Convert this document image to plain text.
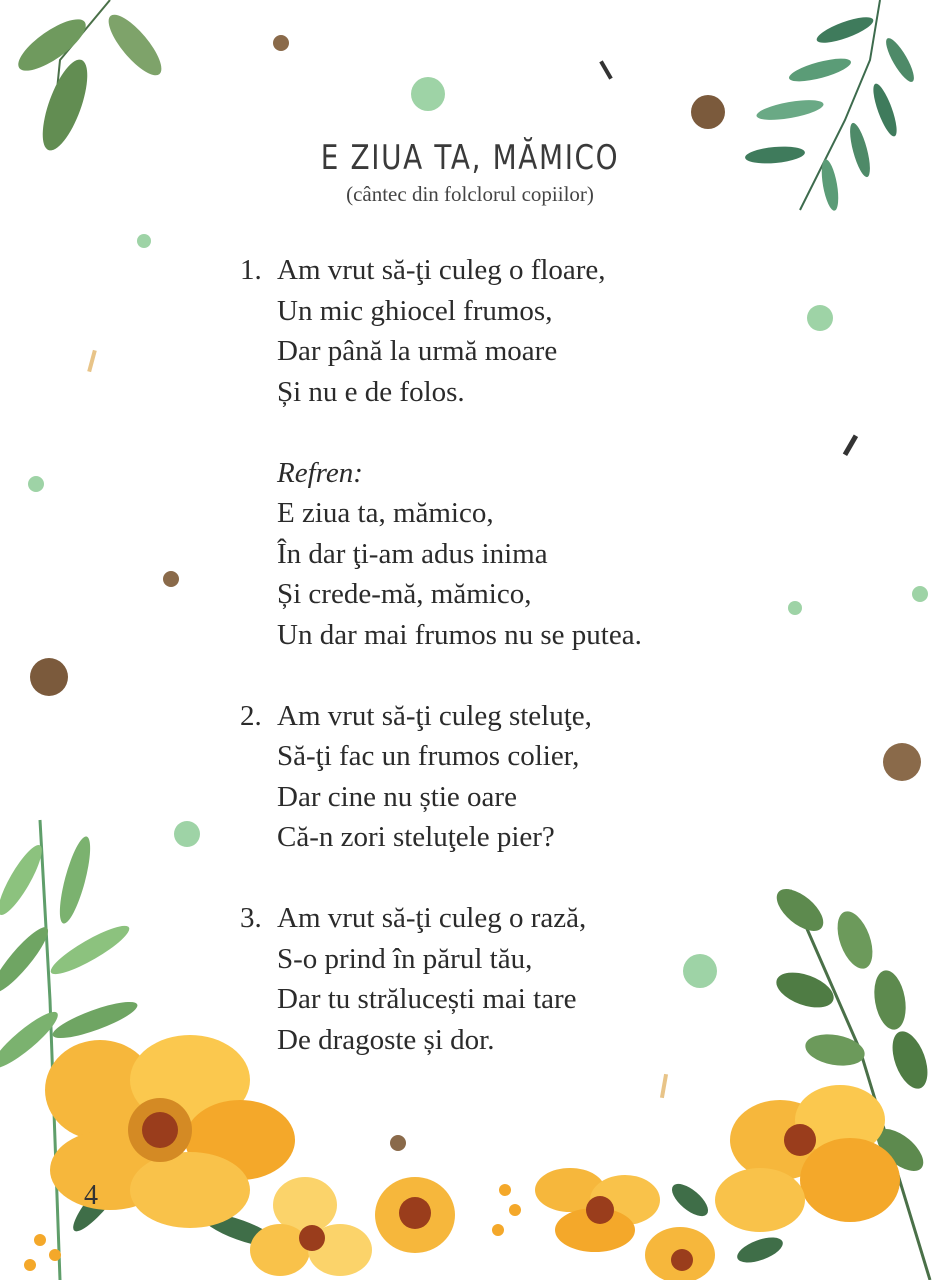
E ZIUA TA, MĂMICO
(cântec din folclorul copiilor)
1. Am vrut să-ţi culeg o floare,
Un mic ghiocel frumos,
Dar până la urmă moare
Și nu e de folos.
Refren:
E ziua ta, mămico,
În dar ţi-am adus inima
Și crede-mă, mămico,
Un dar mai frumos nu se putea.
2. Am vrut să-ţi culeg steluţe,
Să-ţi fac un frumos colier,
Dar cine nu știe oare
Că-n zori steluţele pier?
3. Am vrut să-ţi culeg o rază,
S-o prind în părul tău,
Dar tu strălucești mai tare
De dragoste și dor.
4
